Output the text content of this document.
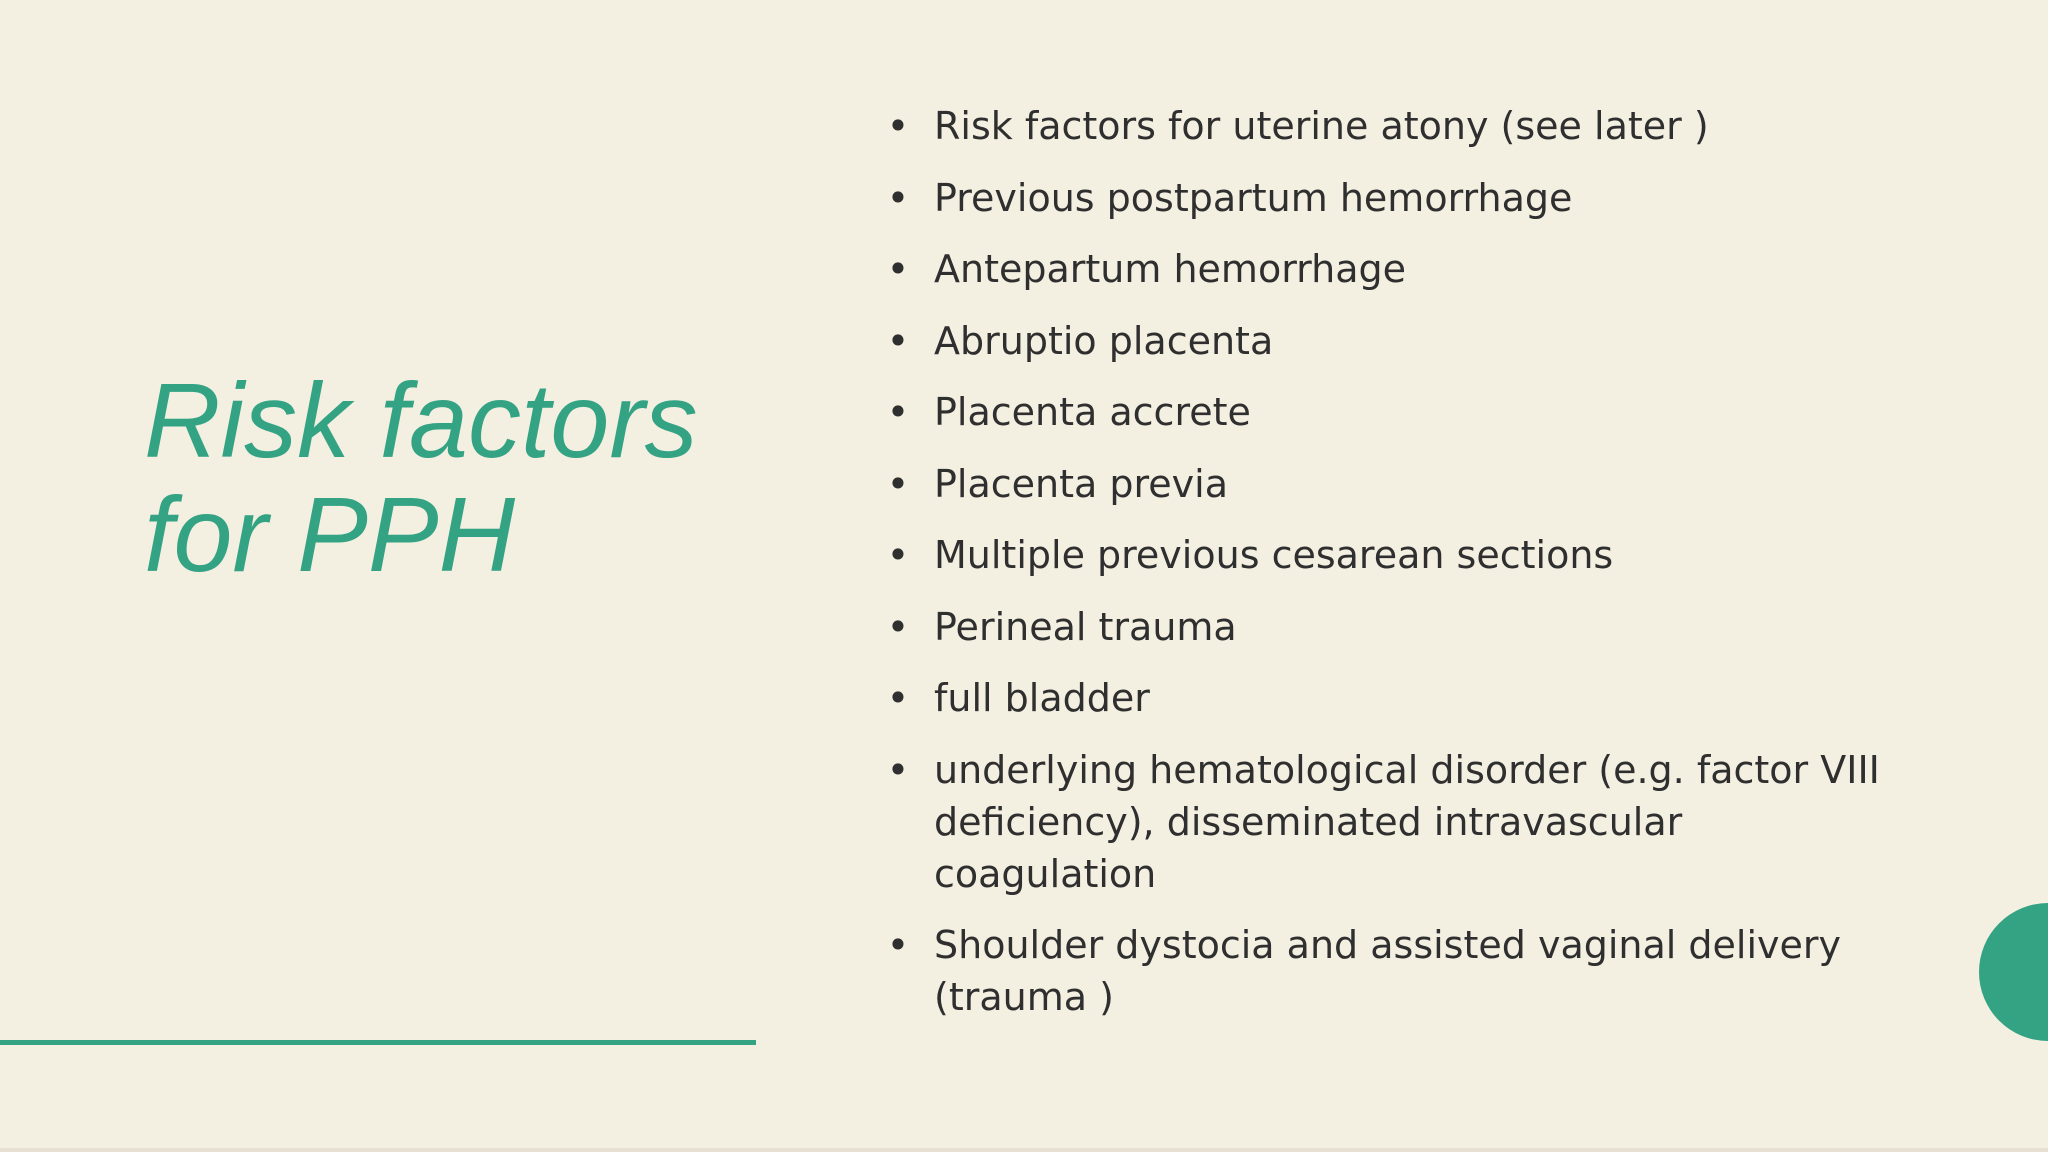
Risk factors
for PPH
• Risk factors for uterine atony (see later )
• Previous postpartum hemorrhage
• Antepartum hemorrhage
• Abruptio placenta
• Placenta accrete
• Placenta previa
• Multiple previous cesarean sections
• Perineal trauma
• full bladder
• underlying hematological disorder (e.g. factor VIII deficiency), disseminated intravascular coagulation
• Shoulder dystocia and assisted vaginal delivery (trauma )
